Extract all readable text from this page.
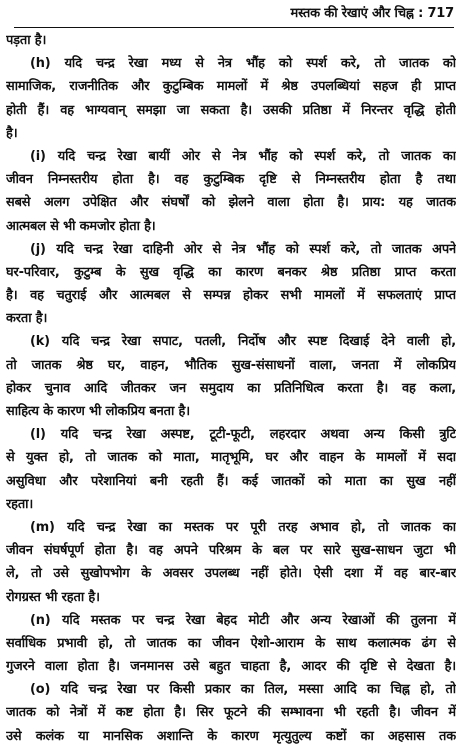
मस्तक की रेखाएं और चिह्न : 717
पड़ता है।
(h) यदि चन्द्र रेखा मध्य से नेत्र भौंह को स्पर्श करे, तो जातक को
सामाजिक, राजनीतिक और कुटुम्बिक मामलों में श्रेष्ठ उपलब्धियां सहज ही प्राप्त
होती हैं। वह भाग्यवान् समझा जा सकता है। उसकी प्रतिष्ठा में निरन्तर वृद्धि होती
है।
(i) यदि चन्द्र रेखा बायीं ओर से नेत्र भौंह को स्पर्श करे, तो जातक का
जीवन निम्नस्तरीय होता है। वह कुटुम्बिक दृष्टि से निम्नस्तरीय होता है तथा
सबसे अलग उपेक्षित और संघर्षों को झेलने वाला होता है। प्राय: यह जातक
आत्मबल से भी कमजोर होता है।
(j) यदि चन्द्र रेखा दाहिनी ओर से नेत्र भौंह को स्पर्श करे, तो जातक अपने
घर-परिवार, कुटुम्ब के सुख वृद्धि का कारण बनकर श्रेष्ठ प्रतिष्ठा प्राप्त करता
है। वह चतुराई और आत्मबल से सम्पन्न होकर सभी मामलों में सफलताएं प्राप्त
करता है।
(k) यदि चन्द्र रेखा सपाट, पतली, निर्दोष और स्पष्ट दिखाई देने वाली हो,
तो जातक श्रेष्ठ घर, वाहन, भौतिक सुख-संसाधनों वाला, जनता में लोकप्रिय
होकर चुनाव आदि जीतकर जन समुदाय का प्रतिनिधित्व करता है। वह कला,
साहित्य के कारण भी लोकप्रिय बनता है।
(l) यदि चन्द्र रेखा अस्पष्ट, टूटी-फूटी, लहरदार अथवा अन्य किसी त्रुटि
से युक्त हो, तो जातक को माता, मातृभूमि, घर और वाहन के मामलों में सदा
असुविधा और परेशानियां बनी रहती हैं। कई जातकों को माता का सुख नहीं
रहता।
(m) यदि चन्द्र रेखा का मस्तक पर पूरी तरह अभाव हो, तो जातक का
जीवन संघर्षपूर्ण होता है। वह अपने परिश्रम के बल पर सारे सुख-साधन जुटा भी
ले, तो उसे सुखोपभोग के अवसर उपलब्ध नहीं होते। ऐसी दशा में वह बार-बार
रोगग्रस्त भी रहता है।
(n) यदि मस्तक पर चन्द्र रेखा बेहद मोटी और अन्य रेखाओं की तुलना में
सर्वाधिक प्रभावी हो, तो जातक का जीवन ऐशो-आराम के साथ कलात्मक ढंग से
गुजरने वाला होता है। जनमानस उसे बहुत चाहता है, आदर की दृष्टि से देखता है।
(o) यदि चन्द्र रेखा पर किसी प्रकार का तिल, मस्सा आदि का चिह्न हो, तो
जातक को नेत्रों में कष्ट होता है। सिर फूटने की सम्भावना भी रहती है। जीवन में
उसे कलंक या मानसिक अशान्ति के कारण मृत्युतुल्य कष्टों का अहसास तक
